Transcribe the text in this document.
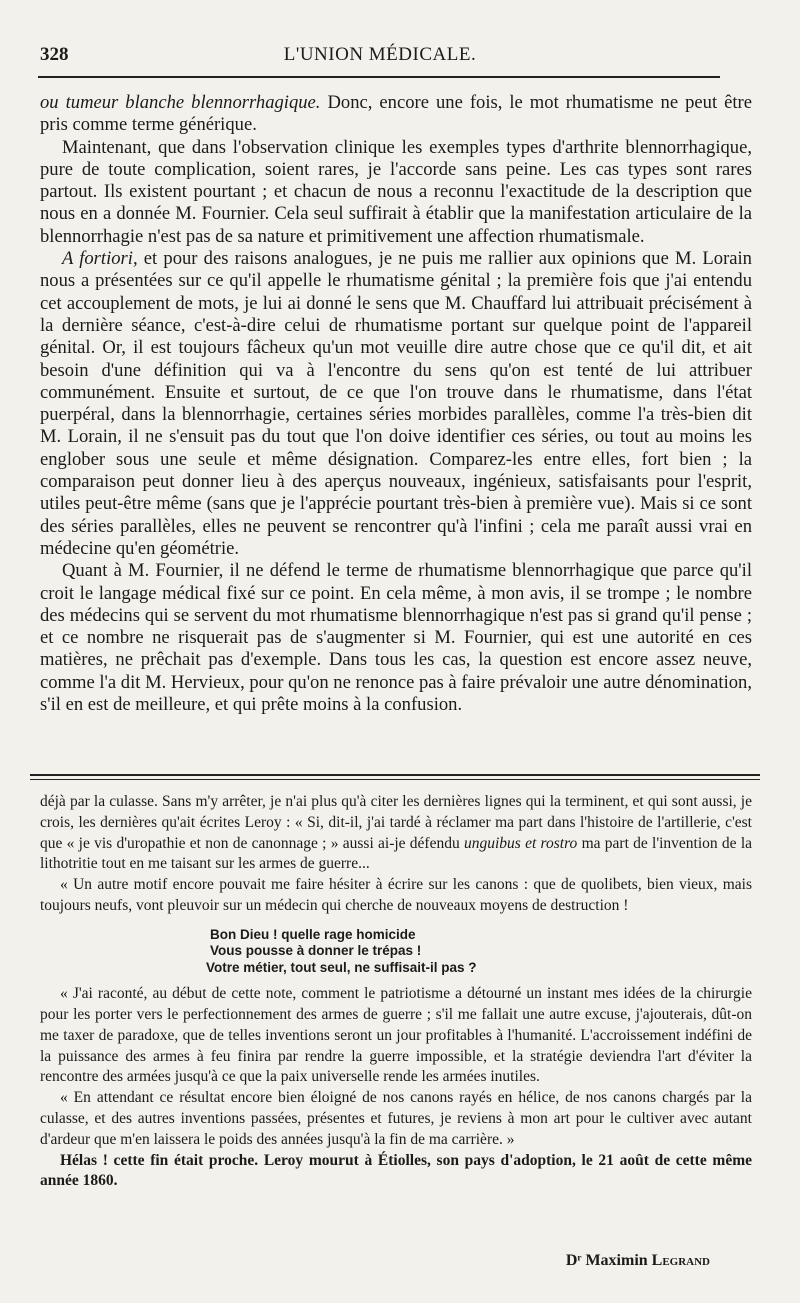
328	L'UNION MÉDICALE.

ou tumeur blanche blennorrhagique. Donc, encore une fois, le mot rhumatisme ne peut être pris comme terme générique.

Maintenant, que dans l'observation clinique les exemples types d'arthrite blennorrhagique, pure de toute complication, soient rares, je l'accorde sans peine. Les cas types sont rares partout. Ils existent pourtant ; et chacun de nous a reconnu l'exactitude de la description que nous en a donnée M. Fournier. Cela seul suffirait à établir que la manifestation articulaire de la blennorrhagie n'est pas de sa nature et primitivement une affection rhumatismale.

A fortiori, et pour des raisons analogues, je ne puis me rallier aux opinions que M. Lorain nous a présentées sur ce qu'il appelle le rhumatisme génital ; la première fois que j'ai entendu cet accouplement de mots, je lui ai donné le sens que M. Chauffard lui attribuait précisément à la dernière séance, c'est-à-dire celui de rhumatisme portant sur quelque point de l'appareil génital. Or, il est toujours fâcheux qu'un mot veuille dire autre chose que ce qu'il dit, et ait besoin d'une définition qui va à l'encontre du sens qu'on est tenté de lui attribuer communément. Ensuite et surtout, de ce que l'on trouve dans le rhumatisme, dans l'état puerpéral, dans la blennorrhagie, certaines séries morbides parallèles, comme l'a très-bien dit M. Lorain, il ne s'ensuit pas du tout que l'on doive identifier ces séries, ou tout au moins les englober sous une seule et même désignation. Comparez-les entre elles, fort bien ; la comparaison peut donner lieu à des aperçus nouveaux, ingénieux, satisfaisants pour l'esprit, utiles peut-être même (sans que je l'apprécie pourtant très-bien à première vue). Mais si ce sont des séries parallèles, elles ne peuvent se rencontrer qu'à l'infini ; cela me paraît aussi vrai en médecine qu'en géométrie.

Quant à M. Fournier, il ne défend le terme de rhumatisme blennorrhagique que parce qu'il croit le langage médical fixé sur ce point. En cela même, à mon avis, il se trompe ; le nombre des médecins qui se servent du mot rhumatisme blennorrhagique n'est pas si grand qu'il pense ; et ce nombre ne risquerait pas de s'augmenter si M. Fournier, qui est une autorité en ces matières, ne prêchait pas d'exemple. Dans tous les cas, la question est encore assez neuve, comme l'a dit M. Hervieux, pour qu'on ne renonce pas à faire prévaloir une autre dénomination, s'il en est de meilleure, et qui prête moins à la confusion.

déjà par la culasse. Sans m'y arrêter, je n'ai plus qu'à citer les dernières lignes qui la terminent, et qui sont aussi, je crois, les dernières qu'ait écrites Leroy : « Si, dit-il, j'ai tardé à réclamer ma part dans l'histoire de l'artillerie, c'est que « je vis d'uropathie et non de canonnage ; » aussi ai-je défendu unguibus et rostro ma part de l'invention de la lithotritie tout en me taisant sur les armes de guerre...

« Un autre motif encore pouvait me faire hésiter à écrire sur les canons : que de quolibets, bien vieux, mais toujours neufs, vont pleuvoir sur un médecin qui cherche de nouveaux moyens de destruction !

Bon Dieu ! quelle rage homicide
Vous pousse à donner le trépas !
Votre métier, tout seul, ne suffisait-il pas ?

« J'ai raconté, au début de cette note, comment le patriotisme a détourné un instant mes idées de la chirurgie pour les porter vers le perfectionnement des armes de guerre ; s'il me fallait une autre excuse, j'ajouterais, dût-on me taxer de paradoxe, que de telles inventions seront un jour profitables à l'humanité. L'accroissement indéfini de la puissance des armes à feu finira par rendre la guerre impossible, et la stratégie deviendra l'art d'éviter la rencontre des armées jusqu'à ce que la paix universelle rende les armées inutiles.

« En attendant ce résultat encore bien éloigné de nos canons rayés en hélice, de nos canons chargés par la culasse, et des autres inventions passées, présentes et futures, je reviens à mon art pour le cultiver avec autant d'ardeur que m'en laissera le poids des années jusqu'à la fin de ma carrière. »

Hélas ! cette fin était proche. Leroy mourut à Étiolles, son pays d'adoption, le 21 août de cette même année 1860.

Dʳ Maximin Legrand
